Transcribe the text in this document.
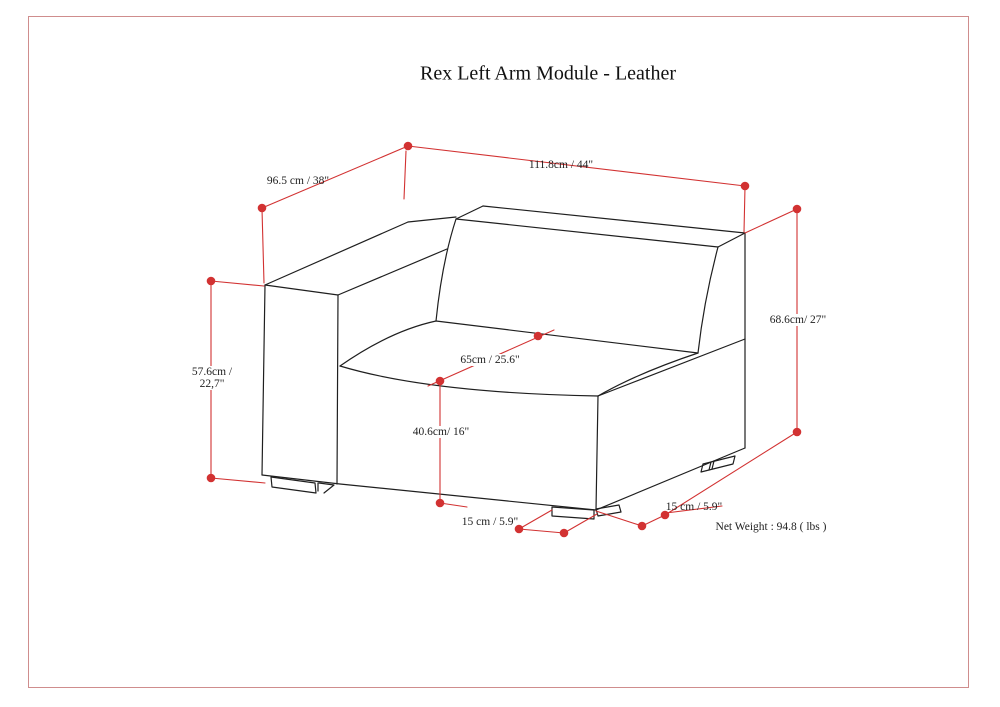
Rex Left Arm Module - Leather
96.5 cm / 38"
111.8cm / 44"
57.6cm /
22,7"
68.6cm/ 27"
65cm / 25.6"
40.6cm/ 16"
15 cm / 5.9"
15 cm / 5.9"
Net Weight : 94.8 ( lbs )
